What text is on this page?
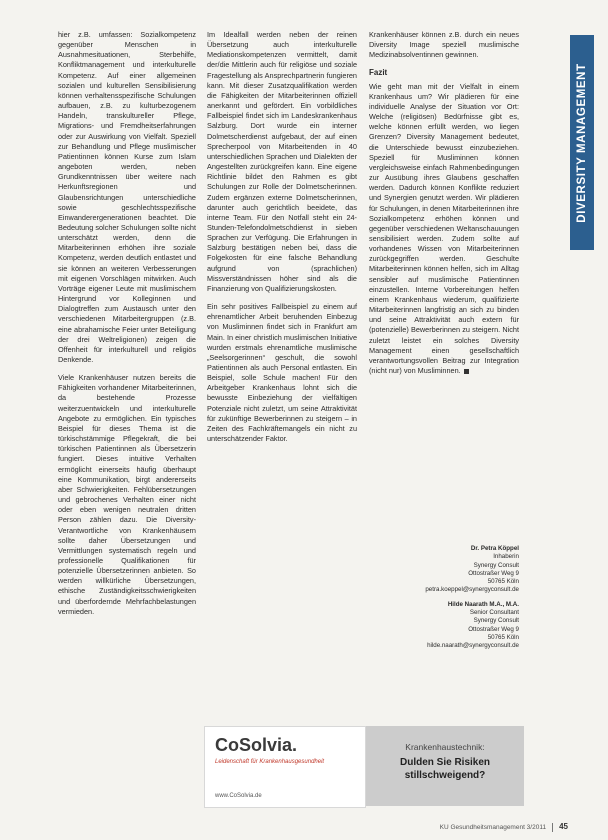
DIVERSITY MANAGEMENT

hier z.B. umfassen: Sozialkompetenz gegenüber Menschen in Ausnahmesituationen, Sterbehilfe, Konfliktmanagement und interkulturelle Kompetenz. Auf einer allgemeinen sozialen und kulturellen Sensibilisierung können verhaltensspezifische Schulungen aufbauen, z.B. zu kulturbezogenem Handeln, transkultureller Pflege, Migrations- und Fremdheitserfahrungen oder zur Auswirkung von Vielfalt. Speziell zur Behandlung und Pflege muslimischer Patientinnen können Kurse zum Islam angeboten werden, neben Grundkenntnissen über weitere nach Herkunftsregionen und Glaubensrichtungen unterschiedliche sowie geschlechtsspezifische Einwanderergenerationen beachtet. Die Bedeutung solcher Schulungen sollte nicht unterschätzt werden, denn die Mitarbeiterinnen erhöhen ihre soziale Kompetenz, werden deutlich entlastet und sie können an weiteren Verbesserungen mit eigenen Vorschlägen mitwirken. Auch Vorträge eigener Leute mit muslimischem Hintergrund vor Kolleginnen und Dialogtreffen zum Austausch unter den verschiedenen Mitarbeitergruppen (z.B. eine abrahamische Feier unter Beteiligung der drei Weltreligionen) zeigen die Offenheit für interkulturell und religiös Denkende.

Viele Krankenhäuser nutzen bereits die Fähigkeiten vorhandener Mitarbeiterinnen, da bestehende Prozesse weiterzuentwickeln und interkulturelle Angebote zu ermöglichen. Ein typisches Beispiel für dieses Thema ist die türkischstämmige Pflegekraft, die bei türkischen Patientinnen als Übersetzerin fungiert. Dieses intuitive Verhalten ermöglicht einerseits häufig überhaupt eine Kommunikation, birgt andererseits aber Schwierigkeiten. Fehlübersetzungen und gebrochenes Verhalten einer nicht oder eben wenigen neutralen dritten Person zählen dazu. Die Diversity-Verantwortliche von Krankenhäusern sollte daher Übersetzungen und Vermittlungen systematisch regeln und professionelle Qualifikationen für potenzielle Übersetzerinnen anbieten. So werden willkürliche Übersetzungen, ethische Zuständigkeitsschwierigkeiten und überfordernde Mehrfachbelastungen vermieden.

Im Idealfall werden neben der reinen Übersetzung auch interkulturelle Mediationskompetenzen vermittelt, damit der/die Mittlerin auch für religiöse und soziale Fragestellung als Ansprechpartnerin fungieren kann. Mit dieser Zusatzqualifikation werden die Fähigkeiten der Mitarbeiterinnen offiziell anerkannt und gefördert. Ein vorbildliches Fallbeispiel findet sich im Landeskrankenhaus Salzburg. Dort wurde ein interner Dolmetscherdienst aufgebaut, der auf einen Sprecherpool von Mitarbeitenden in 40 unterschiedlichen Sprachen und Dialekten der Angestellten zurückgreifen kann. Eine eigene Richtlinie bildet den Rahmen es gibt Schulungen zur Rolle der Dolmetscherinnen. Zudem ergänzen externe Dolmetscherinnen, darunter auch gerichtlich beeidete, das interne Team. Für den Notfall steht ein 24-Stunden-Telefondolmetschdienst in sieben Sprachen zur Verfügung. Die Erfahrungen in Salzburg bestätigen neben bei, dass die Folgekosten für eine falsche Behandlung aufgrund von (sprachlichen) Missverständnissen höher sind als die Finanzierung von Qualifizierungskosten.

Ein sehr positives Fallbeispiel zu einem auf ehrenamtlicher Arbeit beruhenden Einbezug von Musliminnen findet sich in Frankfurt am Main. In einer christlich muslimischen Initiative wurden erstmals ehrenamtliche muslimische „Seelsorgerinnen“ geschult, die sowohl Patientinnen als auch Personal entlasten. Ein Beispiel, solle Schule machen! Für den Arbeitgeber Krankenhaus lohnt sich die bewusste Einbeziehung der vielfältigen Potenziale nicht zuletzt, um seine Attraktivität für zukünftige Bewerberinnen zu steigern – in Zeiten des Fachkräftemangels ein nicht zu unterschätzender Faktor.

Krankenhäuser können z.B. durch ein neues Diversity Image speziell muslimische Medizinabsolventinnen gewinnen.

Fazit

Wie geht man mit der Vielfalt in einem Krankenhaus um? Wir plädieren für eine individuelle Analyse der Situation vor Ort: Welche (religiösen) Bedürfnisse gibt es, welche können erfüllt werden, wo liegen Grenzen? Diversity Management bedeutet, die Unterschiede bewusst einzubeziehen. Speziell für Musliminnen können vergleichsweise einfach Rahmenbedingungen zur Ausübung ihres Glaubens geschaffen werden. Dadurch können Konflikte reduziert und Synergien genutzt werden. Wir plädieren für Schulungen, in denen Mitarbeiterinnen ihre Sozialkompetenz erhöhen können und gegenüber verschiedenen Weltanschauungen sensibilisiert werden. Zudem sollte auf vorhandenes Wissen von Mitarbeiterinnen zurückgegriffen werden. Geschulte Mitarbeiterinnen können helfen, sich im Alltag sensibler auf muslimische Patientinnen einzustellen. Interne Vorbereitungen helfen einem Krankenhaus wiederum, qualifizierte Mitarbeiterinnen langfristig an sich zu binden und seine Attraktivität auch extern für (potenzielle) Bewerberinnen zu steigern. Nicht zuletzt leistet ein solches Diversity Management einen gesellschaftlich verantwortungsvollen Beitrag zur Integration (nicht nur) von Musliminnen.

Dr. Petra Köppel
Inhaberin
Synergy Consult
Ottostraßer Weg 9
50765 Köln
petra.koeppel@synergyconsult.de
Hilde Naarath M.A., M.A.
Senior Consultant
Synergy Consult
Ottostraßer Weg 9
50765 Köln
hilde.naarath@synergyconsult.de
CoSolvia.
Leidenschaft für Krankenhausgesundheit
www.CoSolvia.de
Krankenhaustechnik:
Dulden Sie Risiken stillschweigend?
KU Gesundheitsmanagement 3/2011 45
